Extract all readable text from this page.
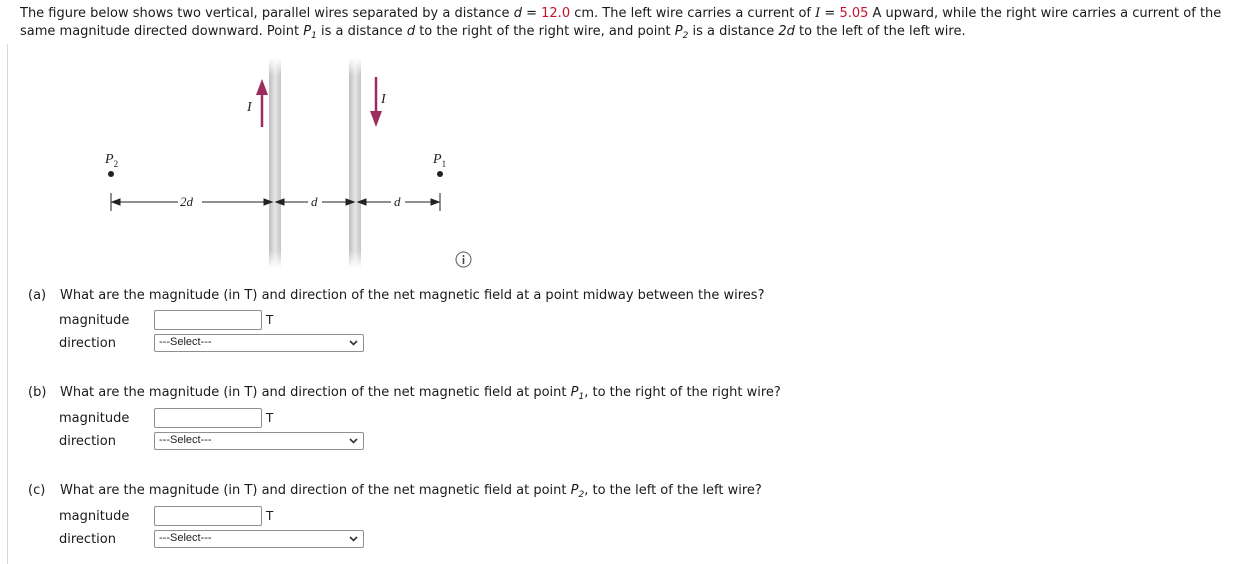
The figure below shows two vertical, parallel wires separated by a distance d = 12.0 cm. The left wire carries a current of I = 5.05 A upward, while the right wire carries a current of the same magnitude directed downward. Point $P_1$ is a distance d to the right of the right wire, and point $P_2$ is a distance 2d to the left of the left wire.
I
I
$P_2$	$P_1$
2d	d	d
(a) What are the magnitude (in T) and direction of the net magnetic field at a point midway between the wires?
magnitude	T
direction	---Select---
(b) What are the magnitude (in T) and direction of the net magnetic field at point $P_1$, to the right of the right wire?
magnitude	T
direction	---Select---
(c) What are the magnitude (in T) and direction of the net magnetic field at point $P_2$, to the left of the left wire?
magnitude	T
direction	---Select---
